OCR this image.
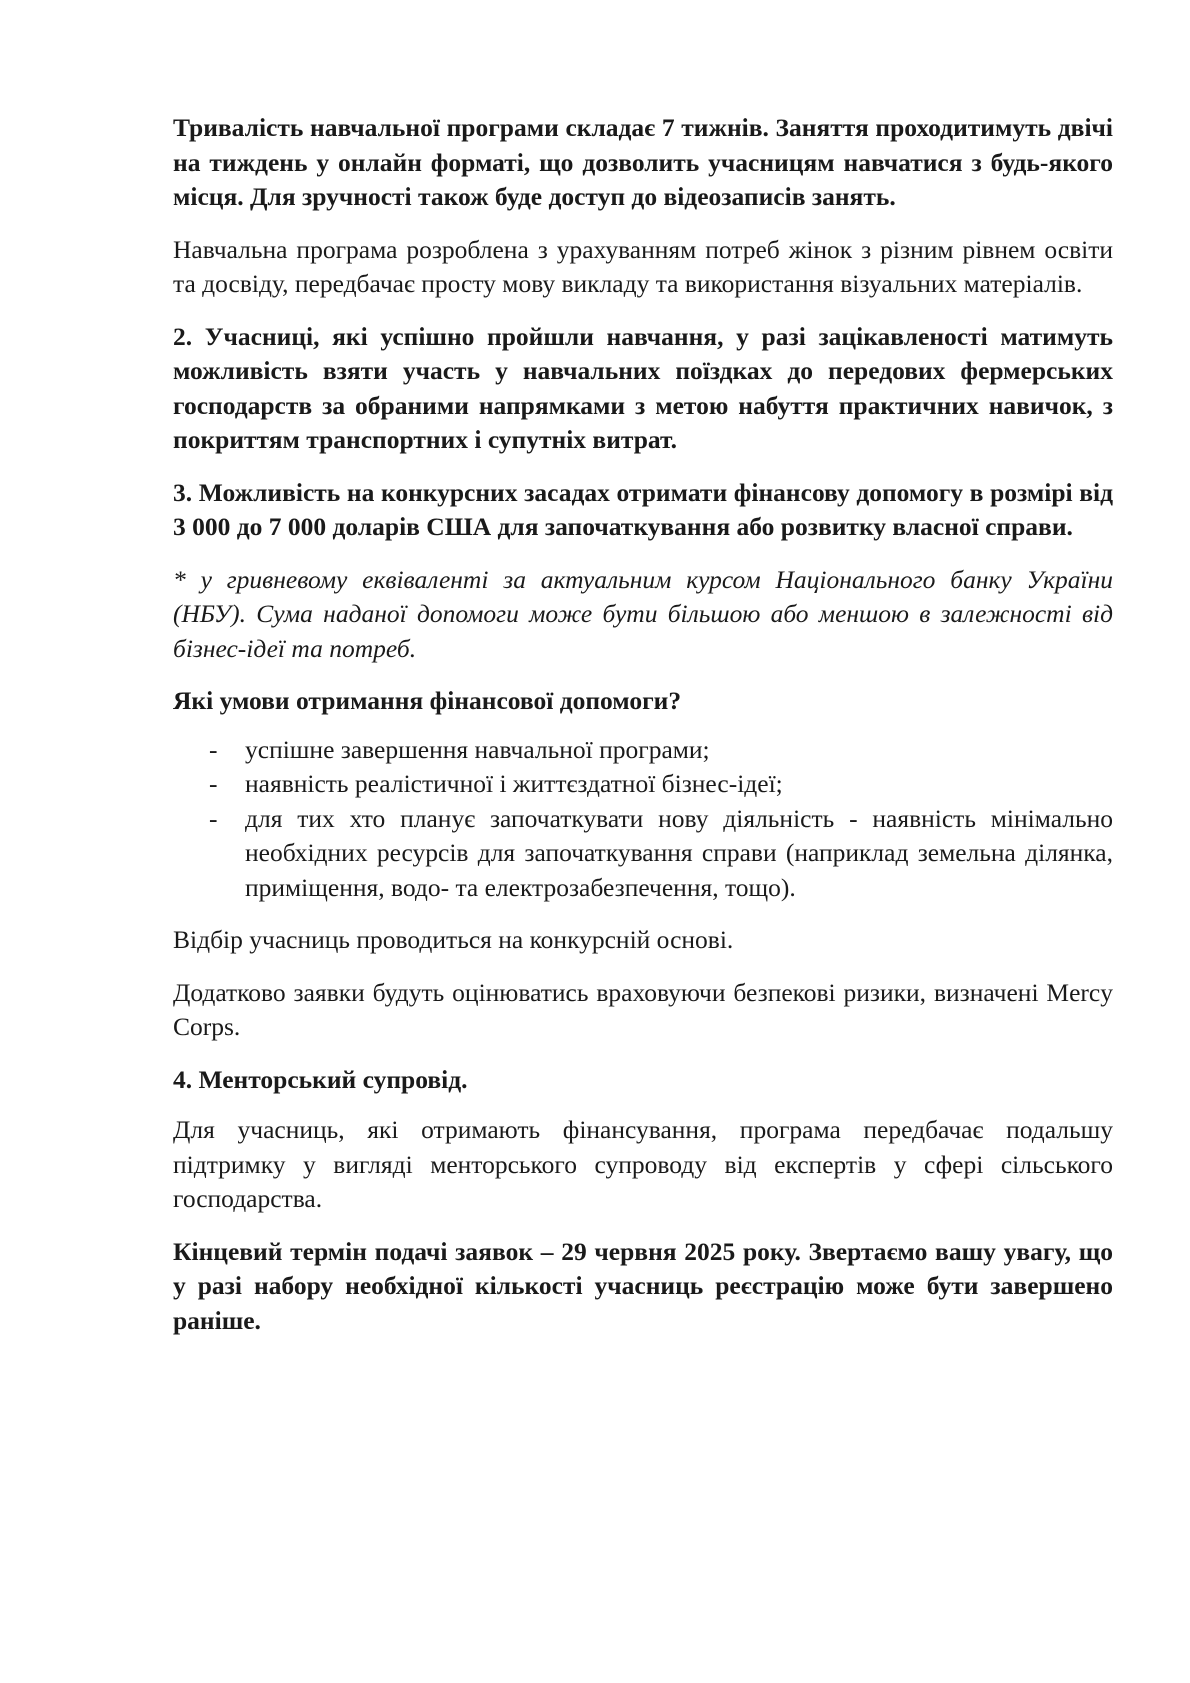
Тривалість навчальної програми складає 7 тижнів. Заняття проходитимуть двічі на тиждень у онлайн форматі, що дозволить учасницям навчатися з будь-якого місця. Для зручності також буде доступ до відеозаписів занять.

Навчальна програма розроблена з урахуванням потреб жінок з різним рівнем освіти та досвіду, передбачає просту мову викладу та використання візуальних матеріалів.

2. Учасниці, які успішно пройшли навчання, у разі зацікавленості матимуть можливість взяти участь у навчальних поїздках до передових фермерських господарств за обраними напрямками з метою набуття практичних навичок, з покриттям транспортних і супутніх витрат.

3. Можливість на конкурсних засадах отримати фінансову допомогу в розмірі від 3 000 до 7 000 доларів США для започаткування або розвитку власної справи.

* у гривневому еквіваленті за актуальним курсом Національного банку України (НБУ). Сума наданої допомоги може бути більшою або меншою в залежності від бізнес-ідеї та потреб.

Які умови отримання фінансової допомоги?

- успішне завершення навчальної програми;
- наявність реалістичної і життєздатної бізнес-ідеї;
- для тих хто планує започаткувати нову діяльність - наявність мінімально необхідних ресурсів для започаткування справи (наприклад земельна ділянка, приміщення, водо- та електрозабезпечення, тощо).

Відбір учасниць проводиться на конкурсній основі.

Додатково заявки будуть оцінюватись враховуючи безпекові ризики, визначені Mercy Corps.

4. Менторський супровід.

Для учасниць, які отримають фінансування, програма передбачає подальшу підтримку у вигляді менторського супроводу від експертів у сфері сільського господарства.

Кінцевий термін подачі заявок – 29 червня 2025 року. Звертаємо вашу увагу, що у разі набору необхідної кількості учасниць реєстрацію може бути завершено раніше.
